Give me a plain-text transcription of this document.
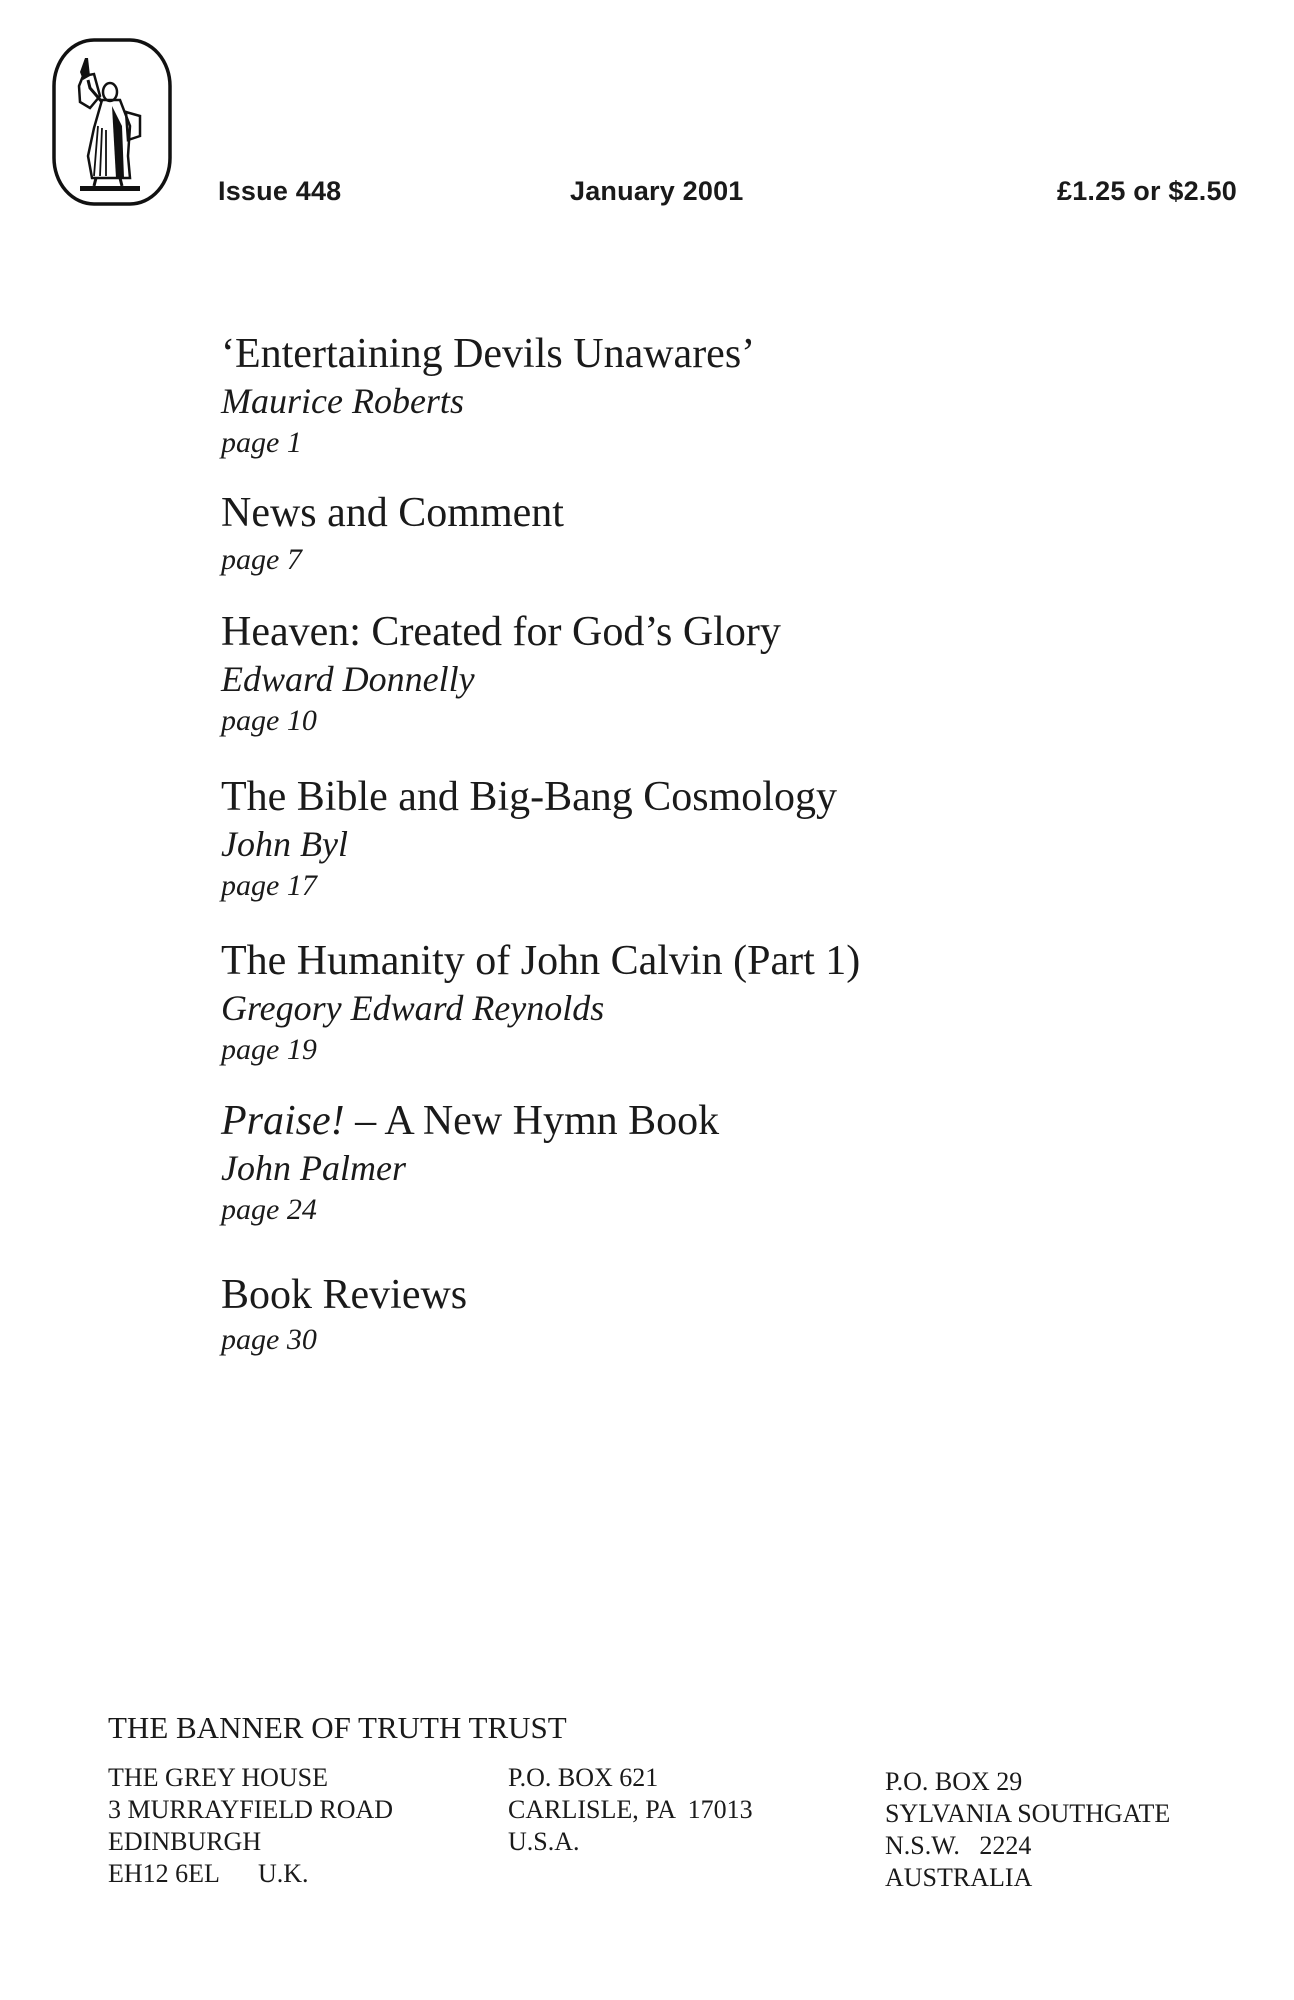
Issue 448	January 2001	£1.25 or $2.50
‘Entertaining Devils Unawares’
Maurice Roberts
page 1
News and Comment
page 7
Heaven: Created for God’s Glory
Edward Donnelly
page 10
The Bible and Big-Bang Cosmology
John Byl
page 17
The Humanity of John Calvin (Part 1)
Gregory Edward Reynolds
page 19
Praise! – A New Hymn Book
John Palmer
page 24
Book Reviews
page 30
THE BANNER OF TRUTH TRUST
THE GREY HOUSE
3 MURRAYFIELD ROAD
EDINBURGH
EH12 6EL      U.K.
P.O. BOX 621
CARLISLE, PA  17013
U.S.A.
P.O. BOX 29
SYLVANIA SOUTHGATE
N.S.W.   2224
AUSTRALIA
